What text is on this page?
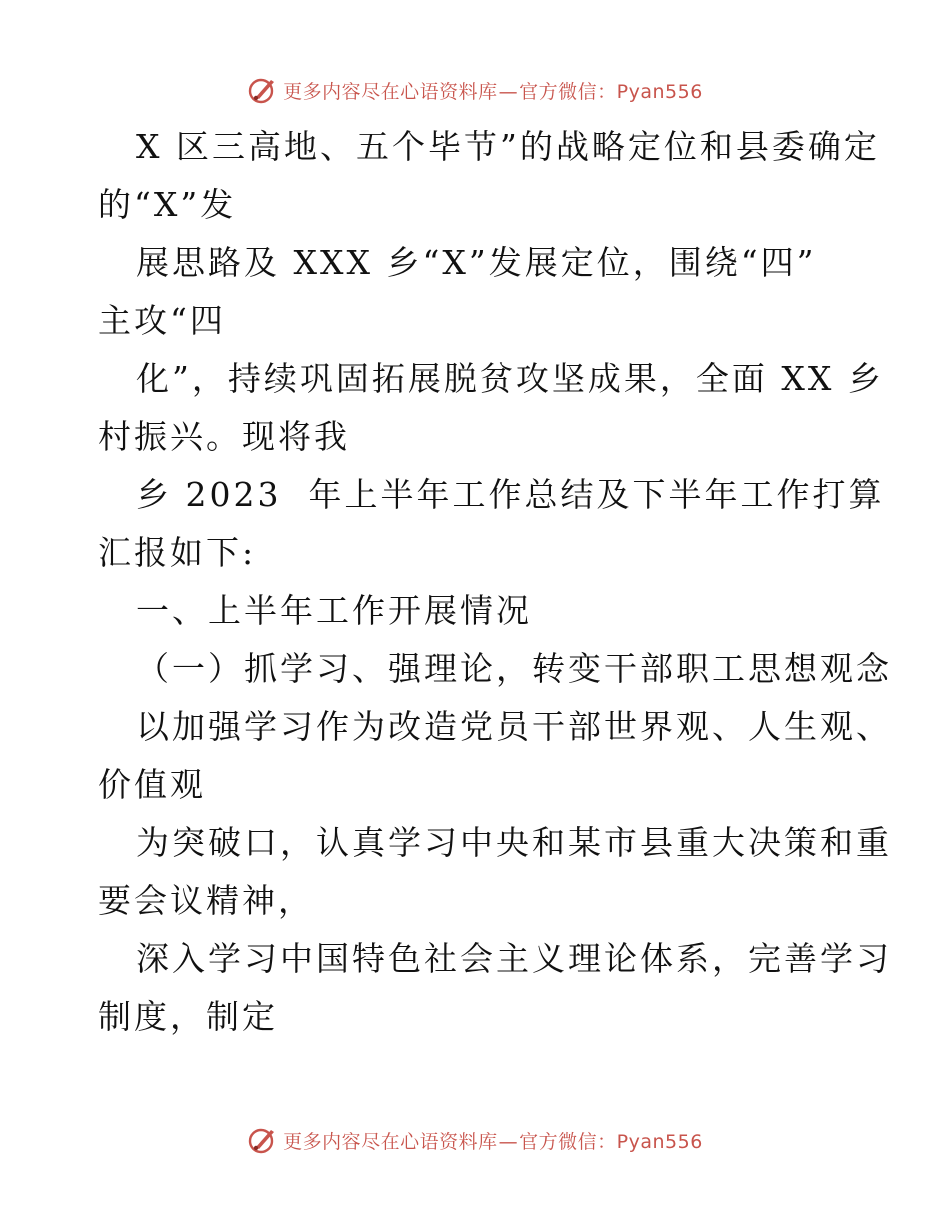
更多内容尽在心语资料库—官方微信：Pyan556
X 区三高地、五个毕节”的战略定位和县委确定
的“X”发
展思路及 XXX 乡“X”发展定位，围绕“四”
主攻“四
化”，持续巩固拓展脱贫攻坚成果，全面 XX 乡
村振兴。现将我
乡 2023  年上半年工作总结及下半年工作打算
汇报如下:
一、上半年工作开展情况
（一）抓学习、强理论，转变干部职工思想观念
以加强学习作为改造党员干部世界观、人生观、
价值观
为突破口，认真学习中央和某市县重大决策和重
要会议精神，
深入学习中国特色社会主义理论体系，完善学习
制度，制定
更多内容尽在心语资料库—官方微信：Pyan556
